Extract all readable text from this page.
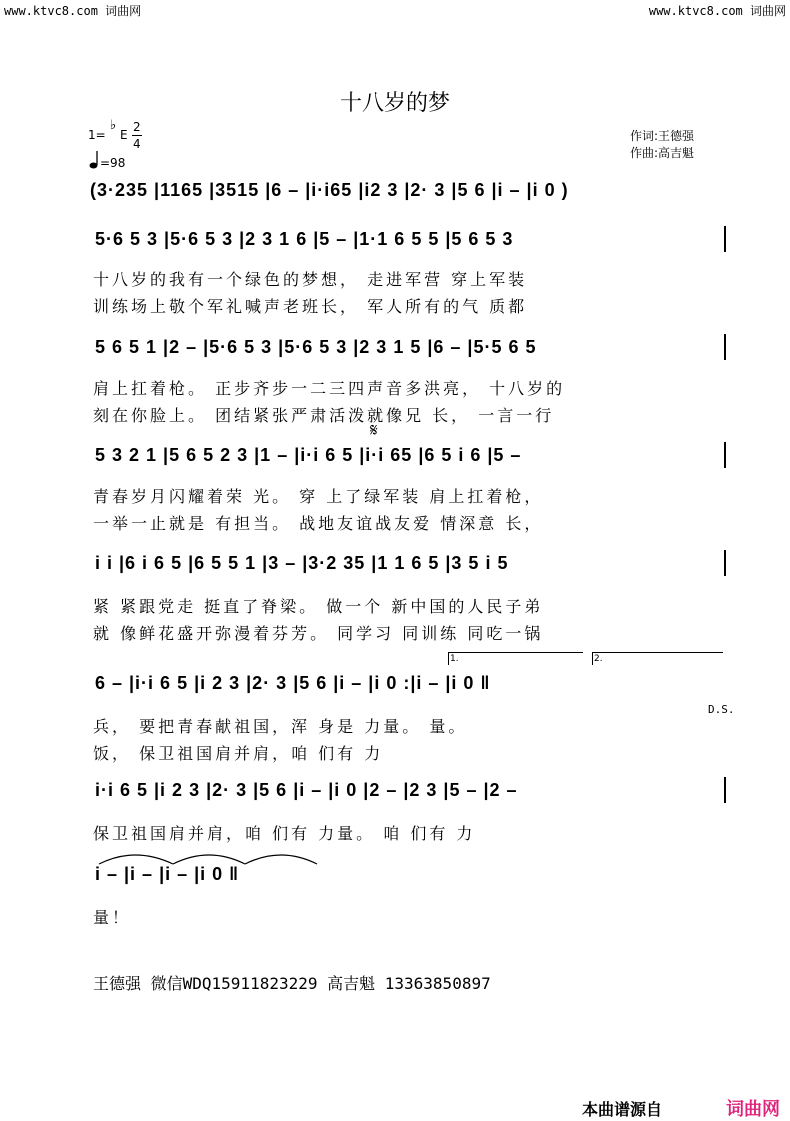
www.ktvc8.com 词曲网	www.ktvc8.com 词曲网
十八岁的梦
1=
♭
E
2
4
=98
作词:王德强
作曲:高吉魁
(3·235 |1165 |3515 |6 – |i·i65 |i2 3 |2· 3 |5 6 |i – |i 0 )
5·6 5 3 |5·6 5 3 |2 3 1 6 |5 – |1·1 6 5 5 |5 6 5 3
十八岁的我有一个绿色的梦想， 走进军营 穿上军装
训练场上敬个军礼喊声老班长， 军人所有的气 质都
5 6 5 1 |2 – |5·6 5 3 |5·6 5 3 |2 3 1 5 |6 – |5·5 6 5
肩上扛着枪。 正步齐步一二三四声音多洪亮， 十八岁的
刻在你脸上。 团结紧张严肃活泼就像兄 长， 一言一行
𝄋
5 3 2 1 |5 6 5 2 3 |1 – |i·i 6 5 |i·i 65 |6 5 i 6 |5 –
青春岁月闪耀着荣 光。 穿 上了绿军装 肩上扛着枪，
一举一止就是 有担当。 战地友谊战友爱 情深意 长，
i i |6 i 6 5 |6 5 5 1 |3 – |3·2 35 |1 1 6 5 |3 5 i 5
紧 紧跟党走 挺直了脊梁。 做一个 新中国的人民子弟
就 像鲜花盛开弥漫着芬芳。 同学习 同训练 同吃一锅
1.	2.
6 – |i·i 6 5 |i 2 3 |2· 3 |5 6 |i – |i 0 :|i – |i 0 ‖
D.S.
兵， 要把青春献祖国，浑 身是 力量。 量。
饭， 保卫祖国肩并肩，咱 们有 力
i·i 6 5 |i 2 3 |2· 3 |5 6 |i – |i 0 |2 – |2 3 |5 – |2 –
保卫祖国肩并肩，咱 们有 力量。 咱 们有 力
i – |i – |i – |i 0 ‖
量！
王德强 微信WDQ15911823229 高吉魁 13363850897
本曲谱源自	词曲网
